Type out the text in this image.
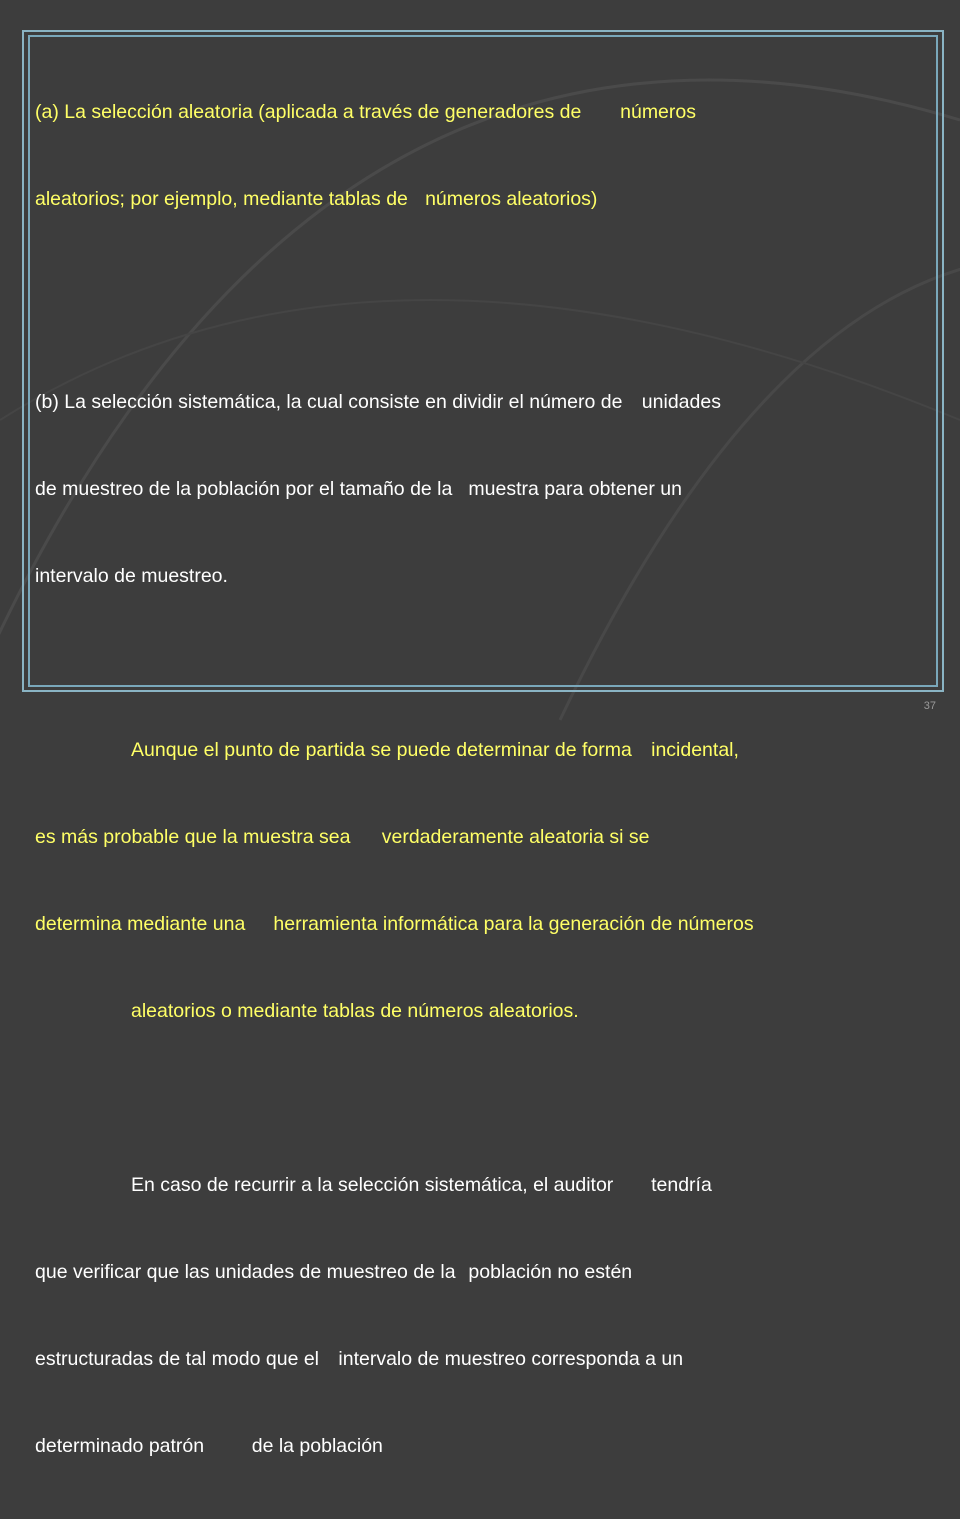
(a) La selección aleatoria (aplicada a través de generadores de		números

aleatorios; por ejemplo, mediante tablas de	números aleatorios)

(b) La selección sistemática, la cual consiste en dividir el número de	unidades

de muestreo de la población por el tamaño de la	muestra para obtener un

intervalo de muestreo.

Aunque el punto de partida se puede determinar de forma	incidental,

es más probable que la muestra sea		verdaderamente aleatoria si se

determina mediante una	herramienta informática para la generación de números

aleatorios o mediante tablas de números aleatorios.

En caso de recurrir a la selección sistemática, el auditor		tendría

que verificar que las unidades de muestreo de la	población no estén

estructuradas de tal modo que el	intervalo de muestreo corresponda a un

determinado patrón		de la población

37
